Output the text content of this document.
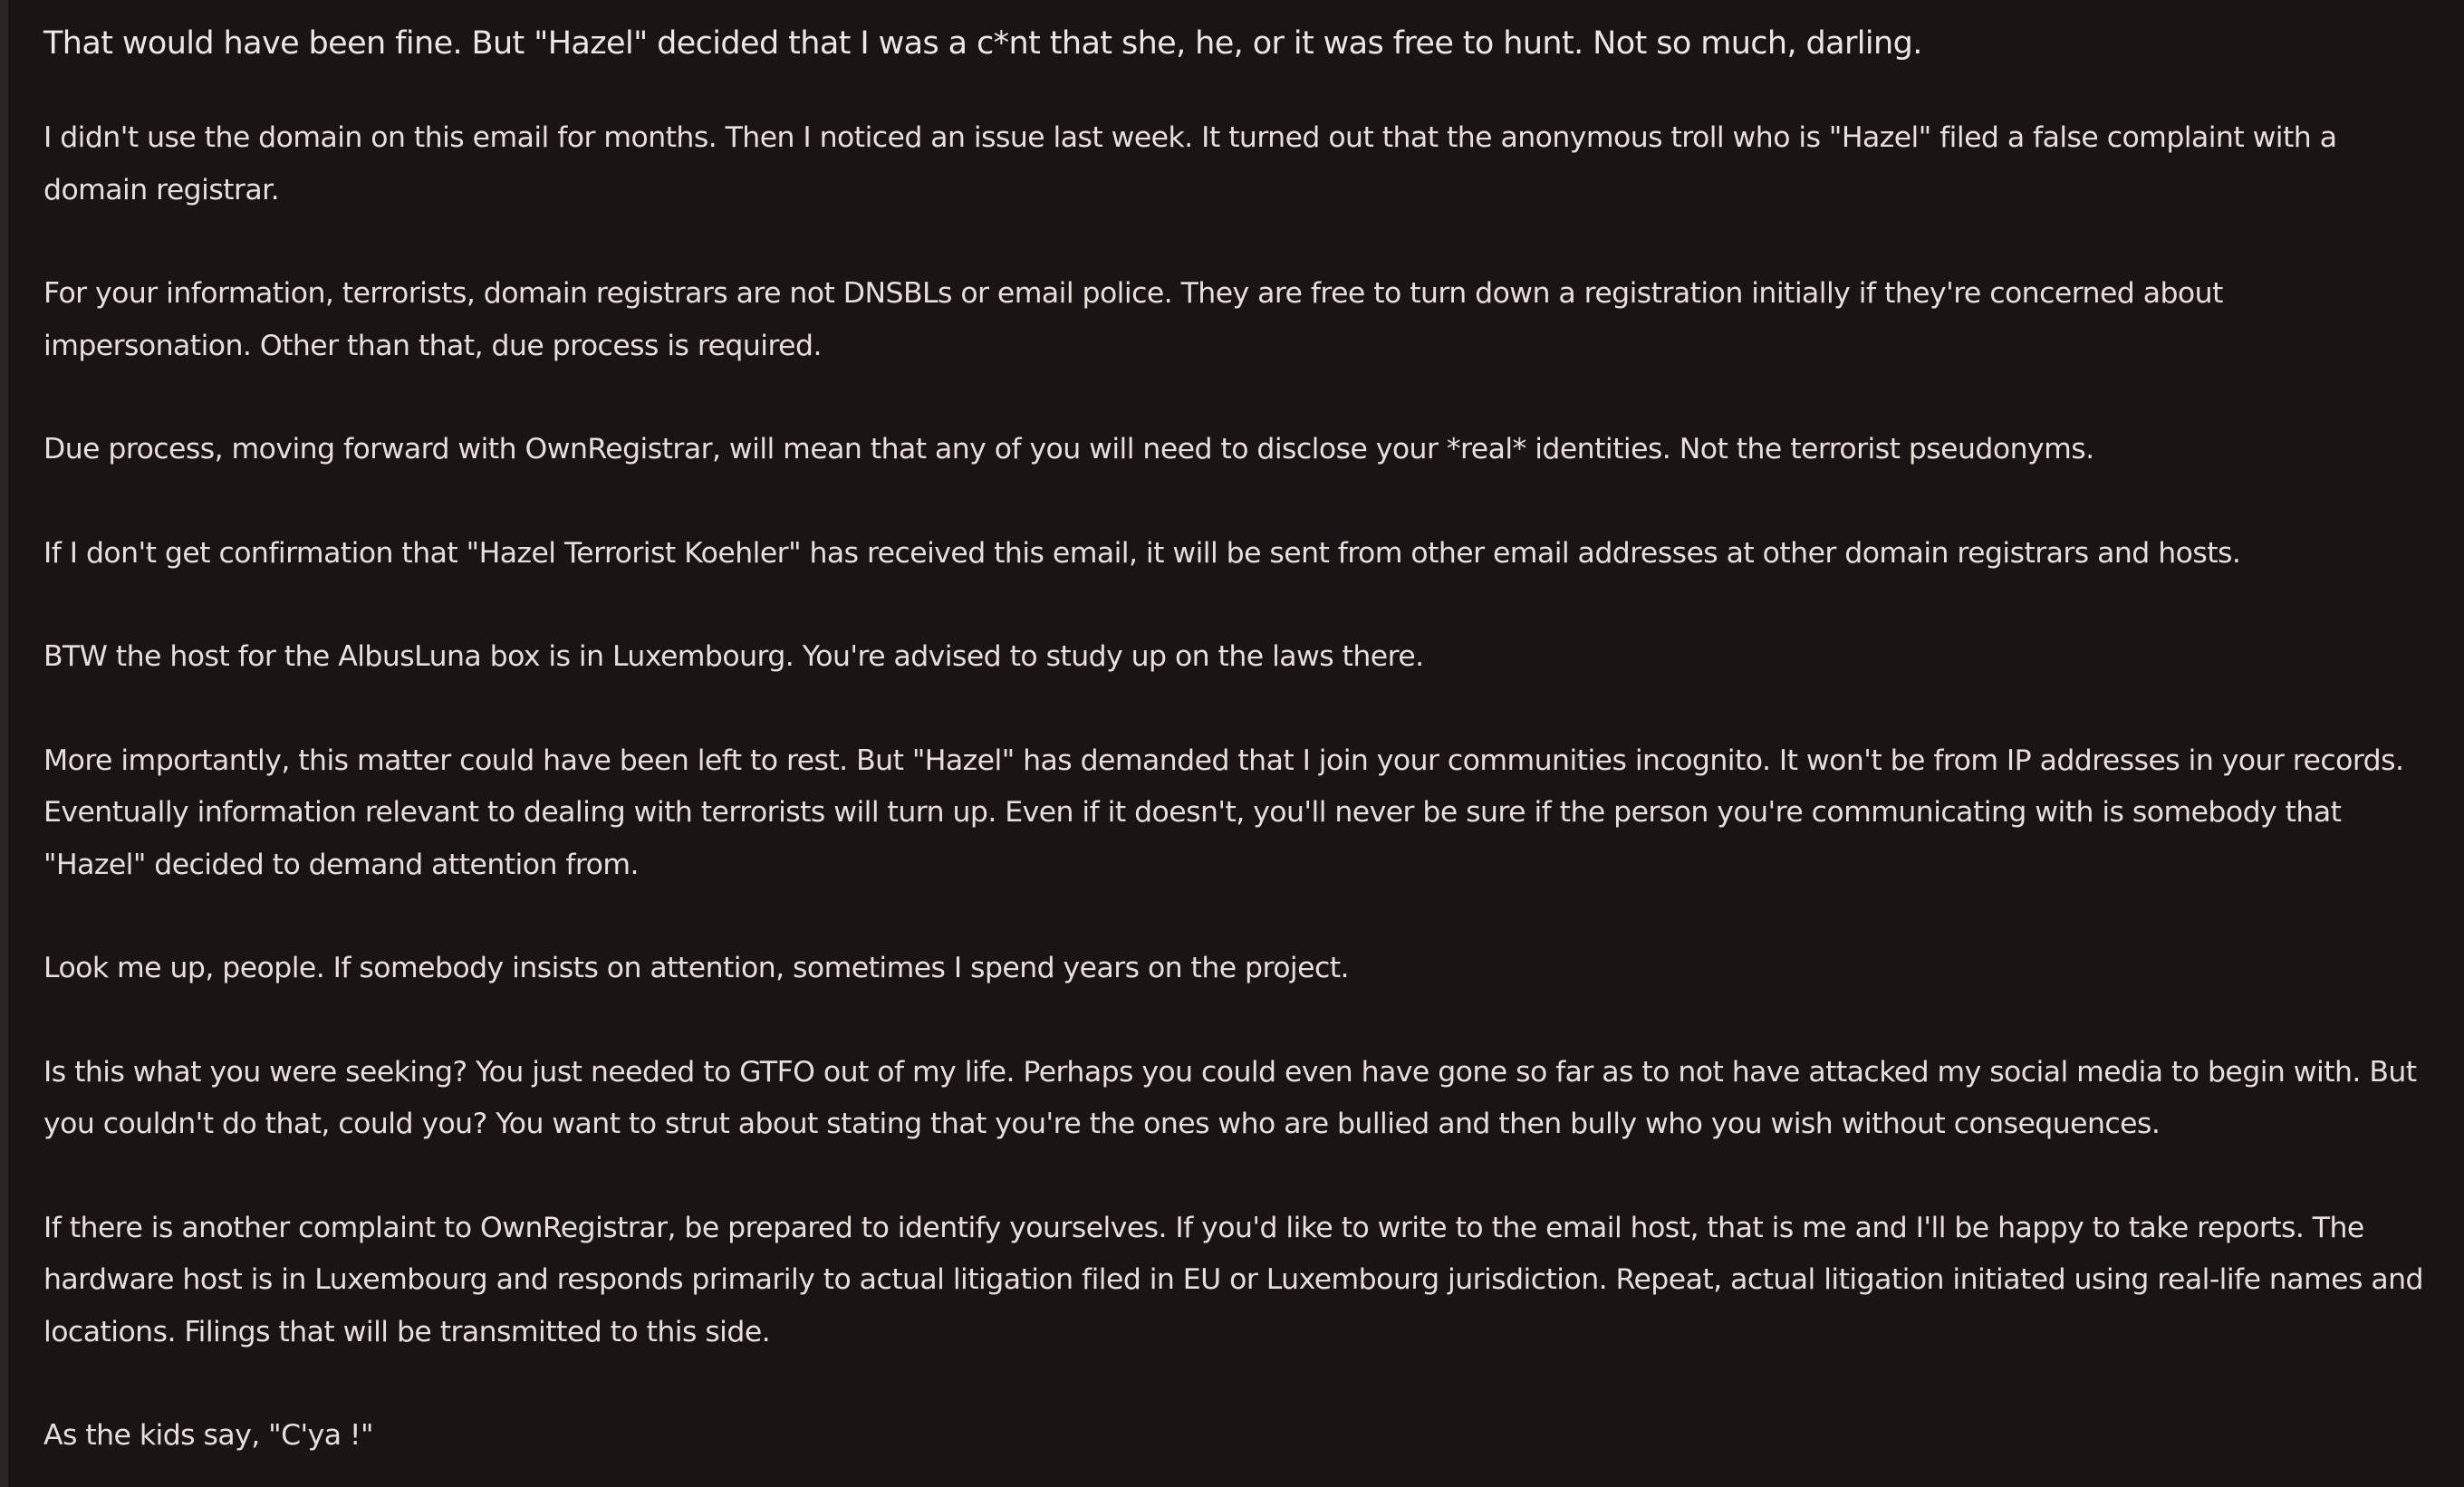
That would have been fine. But "Hazel" decided that I was a c*nt that she, he, or it was free to hunt. Not so much, darling.

I didn't use the domain on this email for months. Then I noticed an issue last week. It turned out that the anonymous troll who is "Hazel" filed a false complaint with a domain registrar.

For your information, terrorists, domain registrars are not DNSBLs or email police. They are free to turn down a registration initially if they're concerned about impersonation. Other than that, due process is required.

Due process, moving forward with OwnRegistrar, will mean that any of you will need to disclose your *real* identities. Not the terrorist pseudonyms.

If I don't get confirmation that "Hazel Terrorist Koehler" has received this email, it will be sent from other email addresses at other domain registrars and hosts.

BTW the host for the AlbusLuna box is in Luxembourg. You're advised to study up on the laws there.

More importantly, this matter could have been left to rest. But "Hazel" has demanded that I join your communities incognito. It won't be from IP addresses in your records. Eventually information relevant to dealing with terrorists will turn up. Even if it doesn't, you'll never be sure if the person you're communicating with is somebody that "Hazel" decided to demand attention from.

Look me up, people. If somebody insists on attention, sometimes I spend years on the project.

Is this what you were seeking? You just needed to GTFO out of my life. Perhaps you could even have gone so far as to not have attacked my social media to begin with. But you couldn't do that, could you? You want to strut about stating that you're the ones who are bullied and then bully who you wish without consequences.

If there is another complaint to OwnRegistrar, be prepared to identify yourselves. If you'd like to write to the email host, that is me and I'll be happy to take reports. The hardware host is in Luxembourg and responds primarily to actual litigation filed in EU or Luxembourg jurisdiction. Repeat, actual litigation initiated using real-life names and locations. Filings that will be transmitted to this side.

As the kids say, "C'ya !"
